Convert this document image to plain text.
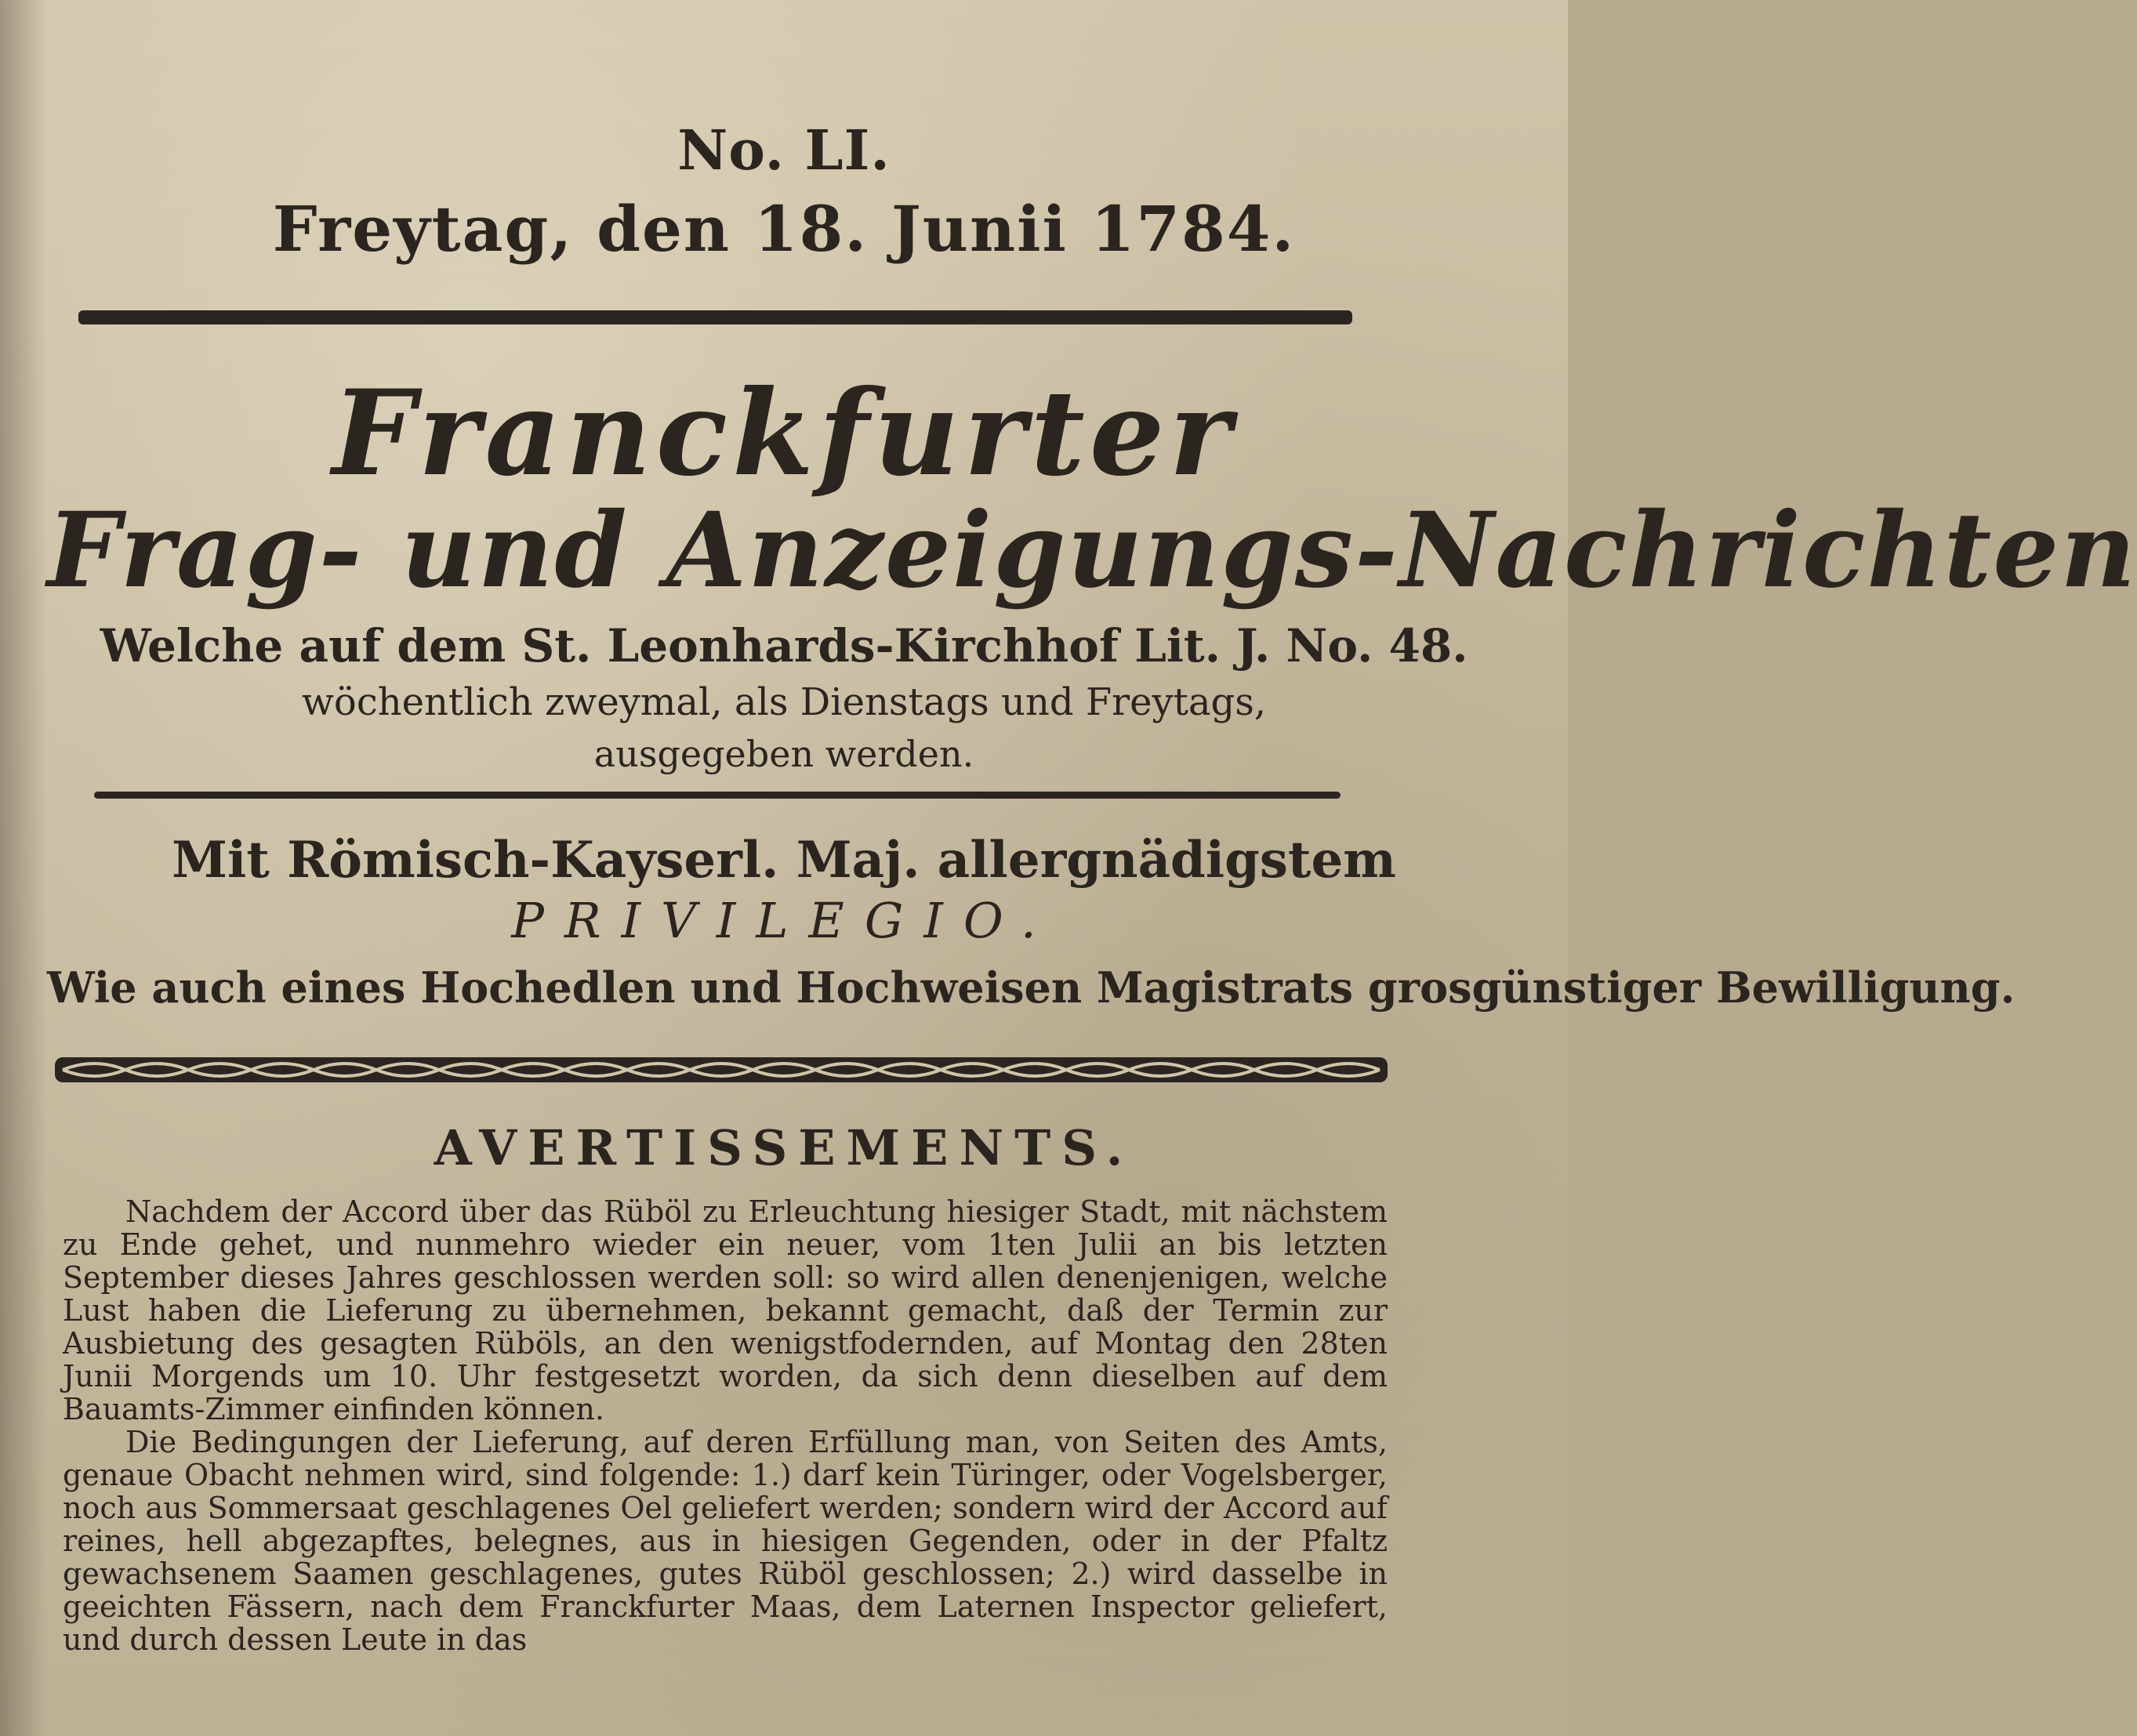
No. LI.
Freytag, den 18. Junii 1784.
Franckfurter
Frag- und Anzeigungs-Nachrichten
Welche auf dem St. Leonhards-Kirchhof Lit. J. No. 48.
wöchentlich zweymal, als Dienstags und Freytags,
ausgegeben werden.
Mit Römisch-Kayserl. Maj. allergnädigstem
PRIVILEGIO.
Wie auch eines Hochedlen und Hochweisen Magistrats grosgünstiger Bewilligung.
AVERTISSEMENTS.

Nachdem der Accord über das Rüböl zu Erleuchtung hiesiger Stadt, mit nächstem zu Ende gehet, und nunmehro wieder ein neuer, vom 1ten Julii an bis letzten September dieses Jahres geschlossen werden soll: so wird allen denenjenigen, welche Lust haben die Lieferung zu übernehmen, bekannt gemacht, daß der Termin zur Ausbietung des gesagten Rüböls, an den wenigstfodernden, auf Montag den 28ten Junii Morgends um 10. Uhr festgesetzt worden, da sich denn dieselben auf dem Bauamts-Zimmer einfinden können.

Die Bedingungen der Lieferung, auf deren Erfüllung man, von Seiten des Amts, genaue Obacht nehmen wird, sind folgende: 1.) darf kein Türinger, oder Vogelsberger, noch aus Sommersaat geschlagenes Oel geliefert werden; sondern wird der Accord auf reines, hell abgezapftes, belegnes, aus in hiesigen Gegenden, oder in der Pfaltz gewachsenem Saamen geschlagenes, gutes Rüböl geschlossen; 2.) wird dasselbe in geeichten Fässern, nach dem Franckfurter Maas, dem Laternen Inspector geliefert, und durch dessen Leute in das
